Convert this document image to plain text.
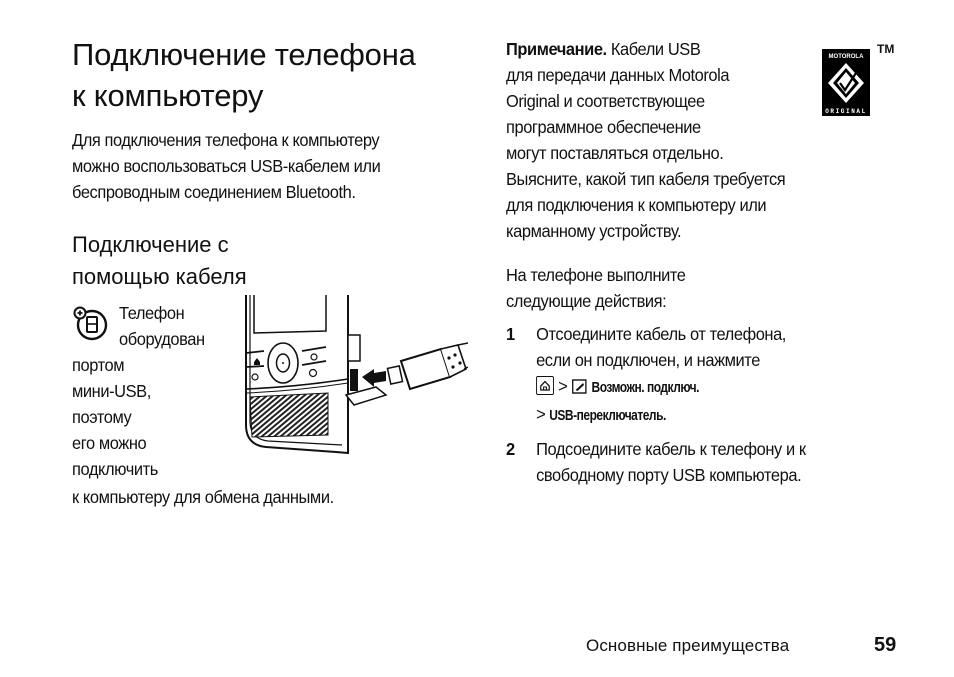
Подключение телефона
к компьютеру
Для подключения телефона к компьютеру
можно воспользоваться USB-кабелем или
беспроводным соединением Bluetooth.
Подключение с
помощью кабеля
Телефон
оборудован
портом
мини-USB,
поэтому
его можно
подключить
к компьютеру для обмена данными.
Примечание. Кабели USB
для передачи данных Motorola
Original и соответствующее
программное обеспечение
могут поставляться отдельно.
Выясните, какой тип кабеля требуется
для подключения к компьютеру или
карманному устройству.
MOTOROLA
ORIGINAL
TM
На телефоне выполните
следующие действия:
1 Отсоедините кабель от телефона,
если он подключен, и нажмите
> Возможн. подключ.
> USB-переключатель.
2 Подсоедините кабель к телефону и к
свободному порту USB компьютера.
Основные преимущества	59
